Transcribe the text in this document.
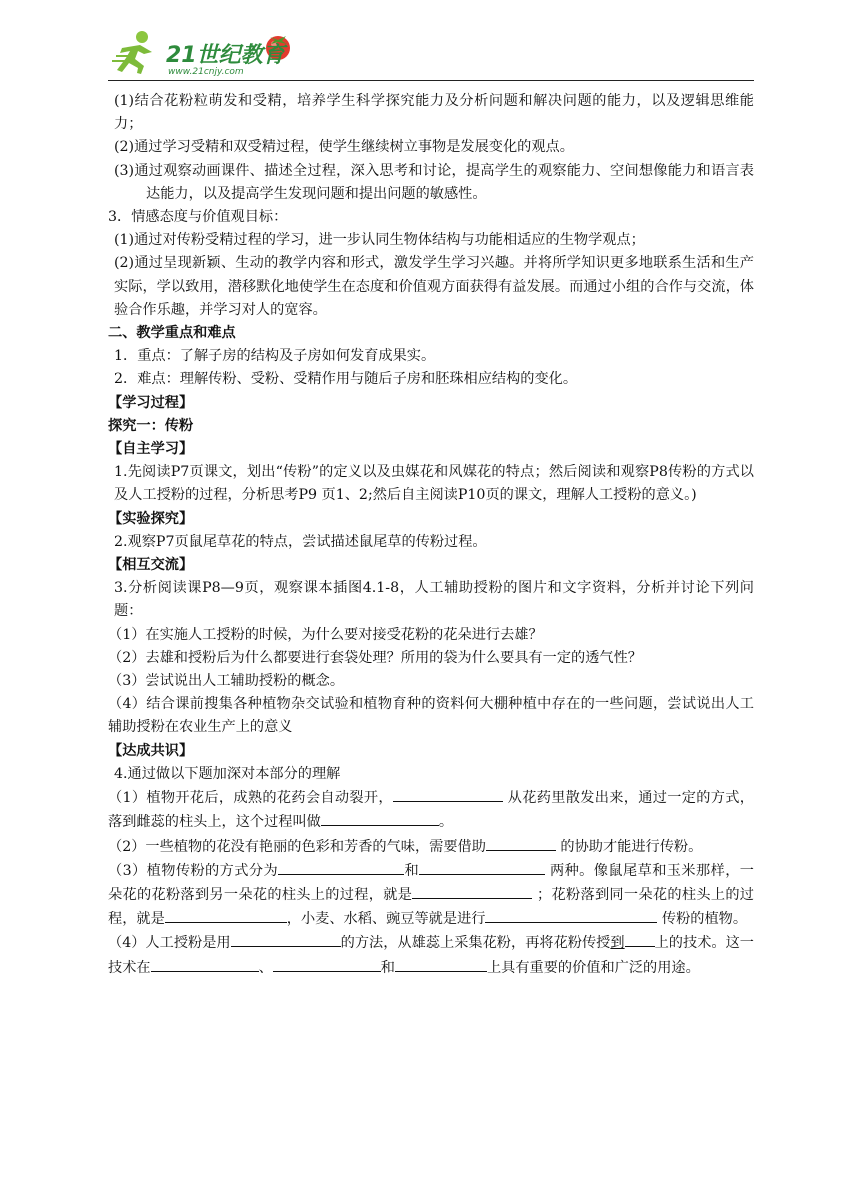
21世纪教育
www.21cnjy.com

(1)结合花粉粒萌发和受精，培养学生科学探究能力及分析问题和解决问题的能力，以及逻辑思维能力；

(2)通过学习受精和双受精过程，使学生继续树立事物是发展变化的观点。

(3)通过观察动画课件、描述全过程，深入思考和讨论，提高学生的观察能力、空间想像能力和语言表达能力，以及提高学生发现问题和提出问题的敏感性。

3．情感态度与价值观目标：

(1)通过对传粉受精过程的学习，进一步认同生物体结构与功能相适应的生物学观点；

(2)通过呈现新颖、生动的教学内容和形式，激发学生学习兴趣。并将所学知识更多地联系生活和生产实际，学以致用，潜移默化地使学生在态度和价值观方面获得有益发展。而通过小组的合作与交流，体验合作乐趣，并学习对人的宽容。

二、教学重点和难点

1．重点：了解子房的结构及子房如何发育成果实。

2．难点：理解传粉、受粉、受精作用与随后子房和胚珠相应结构的变化。

【学习过程】

探究一：传粉

【自主学习】

1.先阅读P7页课文，划出“传粉”的定义以及虫媒花和风媒花的特点；然后阅读和观察P8传粉的方式以及人工授粉的过程，分析思考P9 页1、2;然后自主阅读P10页的课文，理解人工授粉的意义。)

【实验探究】

2.观察P7页鼠尾草花的特点，尝试描述鼠尾草的传粉过程。

【相互交流】

3.分析阅读课P8—9页，观察课本插图4.1-8，人工辅助授粉的图片和文字资料，分析并讨论下列问题：

（1）在实施人工授粉的时候，为什么要对接受花粉的花朵进行去雄？

（2）去雄和授粉后为什么都要进行套袋处理？所用的袋为什么要具有一定的透气性？

（3）尝试说出人工辅助授粉的概念。

（4）结合课前搜集各种植物杂交试验和植物育种的资料何大棚种植中存在的一些问题，尝试说出人工辅助授粉在农业生产上的意义

【达成共识】

4.通过做以下题加深对本部分的理解

（1）植物开花后，成熟的花药会自动裂开，	从花药里散发出来，通过一定的方式，落到雌蕊的柱头上，这个过程叫做	。

（2）一些植物的花没有艳丽的色彩和芳香的气味，需要借助	的协助才能进行传粉。

（3）植物传粉的方式分为	和	两种。像鼠尾草和玉米那样，一朵花的花粉落到另一朵花的柱头上的过程，就是	；花粉落到同一朵花的柱头上的过程，就是	，小麦、水稻、豌豆等就是进行	传粉的植物。

（4）人工授粉是用	的方法，从雄蕊上采集花粉，再将花粉传授到 上的技术。这一技术在	、	和	上具有重要的价值和广泛的用途。
